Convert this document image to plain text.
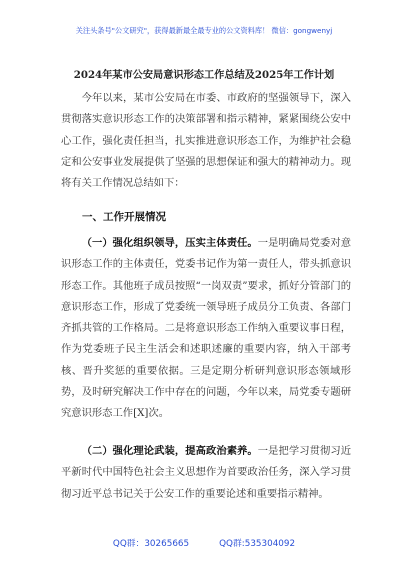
关注头条号"公文研究"，获得最新最全最专业的公文资料库！ 微信：gongwenyj
2024年某市公安局意识形态工作总结及2025年工作计划

今年以来，某市公安局在市委、市政府的坚强领导下，深入贯彻落实意识形态工作的决策部署和指示精神，紧紧围绕公安中心工作，强化责任担当，扎实推进意识形态工作，为维护社会稳定和公安事业发展提供了坚强的思想保证和强大的精神动力。现将有关工作情况总结如下：

一、工作开展情况

（一）强化组织领导，压实主体责任。一是明确局党委对意识形态工作的主体责任，党委书记作为第一责任人，带头抓意识形态工作。其他班子成员按照“一岗双责”要求，抓好分管部门的意识形态工作，形成了党委统一领导班子成员分工负责、各部门齐抓共管的工作格局。二是将意识形态工作纳入重要议事日程，作为党委班子民主生活会和述职述廉的重要内容，纳入干部考核、晋升奖惩的重要依据。三是定期分析研判意识形态领域形势，及时研究解决工作中存在的问题，今年以来，局党委专题研究意识形态工作[X]次。

（二）强化理论武装，提高政治素养。一是把学习贯彻习近平新时代中国特色社会主义思想作为首要政治任务，深入学习贯彻习近平总书记关于公安工作的重要论述和重要指示精神。

QQ群：30265665	QQ群:535304092
